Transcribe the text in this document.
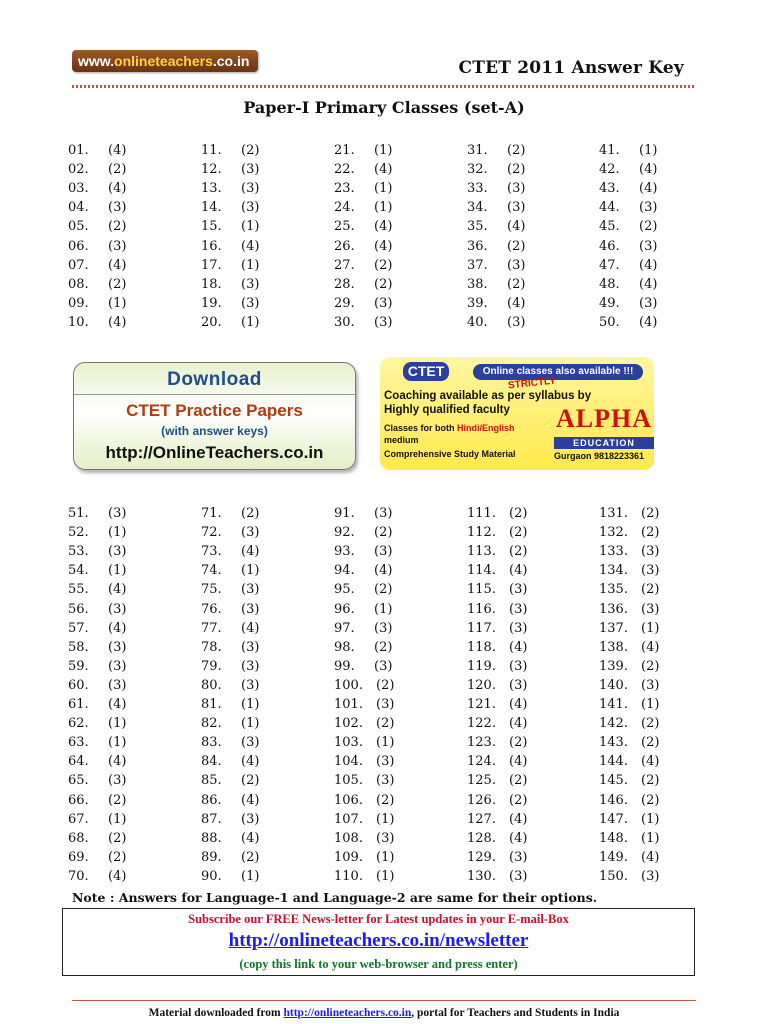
www.onlineteachers.co.in	CTET 2011 Answer Key
Paper-I Primary Classes (set-A)
01. (4)
02. (2)
03. (4)
04. (3)
05. (2)
06. (3)
07. (4)
08. (2)
09. (1)
10. (4)
11. (2)
12. (3)
13. (3)
14. (3)
15. (1)
16. (4)
17. (1)
18. (3)
19. (3)
20. (1)
21. (1)
22. (4)
23. (1)
24. (1)
25. (4)
26. (4)
27. (2)
28. (2)
29. (3)
30. (3)
31. (2)
32. (2)
33. (3)
34. (3)
35. (4)
36. (2)
37. (3)
38. (2)
39. (4)
40. (3)
41. (1)
42. (4)
43. (4)
44. (3)
45. (2)
46. (3)
47. (4)
48. (4)
49. (3)
50. (4)
Download
CTET Practice Papers
(with answer keys)
http://OnlineTeachers.co.in
CTET	Online classes also available !!!
STRICTLY
Coaching available as per syllabus by
Highly qualified faculty
Classes for both Hindi/English
medium
Comprehensive Study Material
ALPHA
EDUCATION
Gurgaon 9818223361
51. (3)
52. (1)
53. (3)
54. (1)
55. (4)
56. (3)
57. (4)
58. (3)
59. (3)
60. (3)
61. (4)
62. (1)
63. (1)
64. (4)
65. (3)
66. (2)
67. (1)
68. (2)
69. (2)
70. (4)
71. (2)
72. (3)
73. (4)
74. (1)
75. (3)
76. (3)
77. (4)
78. (3)
79. (3)
80. (3)
81. (1)
82. (1)
83. (3)
84. (4)
85. (2)
86. (4)
87. (3)
88. (4)
89. (2)
90. (1)
91. (3)
92. (2)
93. (3)
94. (4)
95. (2)
96. (1)
97. (3)
98. (2)
99. (3)
100. (2)
101. (3)
102. (2)
103. (1)
104. (3)
105. (3)
106. (2)
107. (1)
108. (3)
109. (1)
110. (1)
111. (2)
112. (2)
113. (2)
114. (4)
115. (3)
116. (3)
117. (3)
118. (4)
119. (3)
120. (3)
121. (4)
122. (4)
123. (2)
124. (4)
125. (2)
126. (2)
127. (4)
128. (4)
129. (3)
130. (3)
131. (2)
132. (2)
133. (3)
134. (3)
135. (2)
136. (3)
137. (1)
138. (4)
139. (2)
140. (3)
141. (1)
142. (2)
143. (2)
144. (4)
145. (2)
146. (2)
147. (1)
148. (1)
149. (4)
150. (3)
Note : Answers for Language-1 and Language-2 are same for their options.
Subscribe our FREE News-letter for Latest updates in your E-mail-Box
http://onlineteachers.co.in/newsletter
(copy this link to your web-browser and press enter)
Material downloaded from http://onlineteachers.co.in, portal for Teachers and Students in India
